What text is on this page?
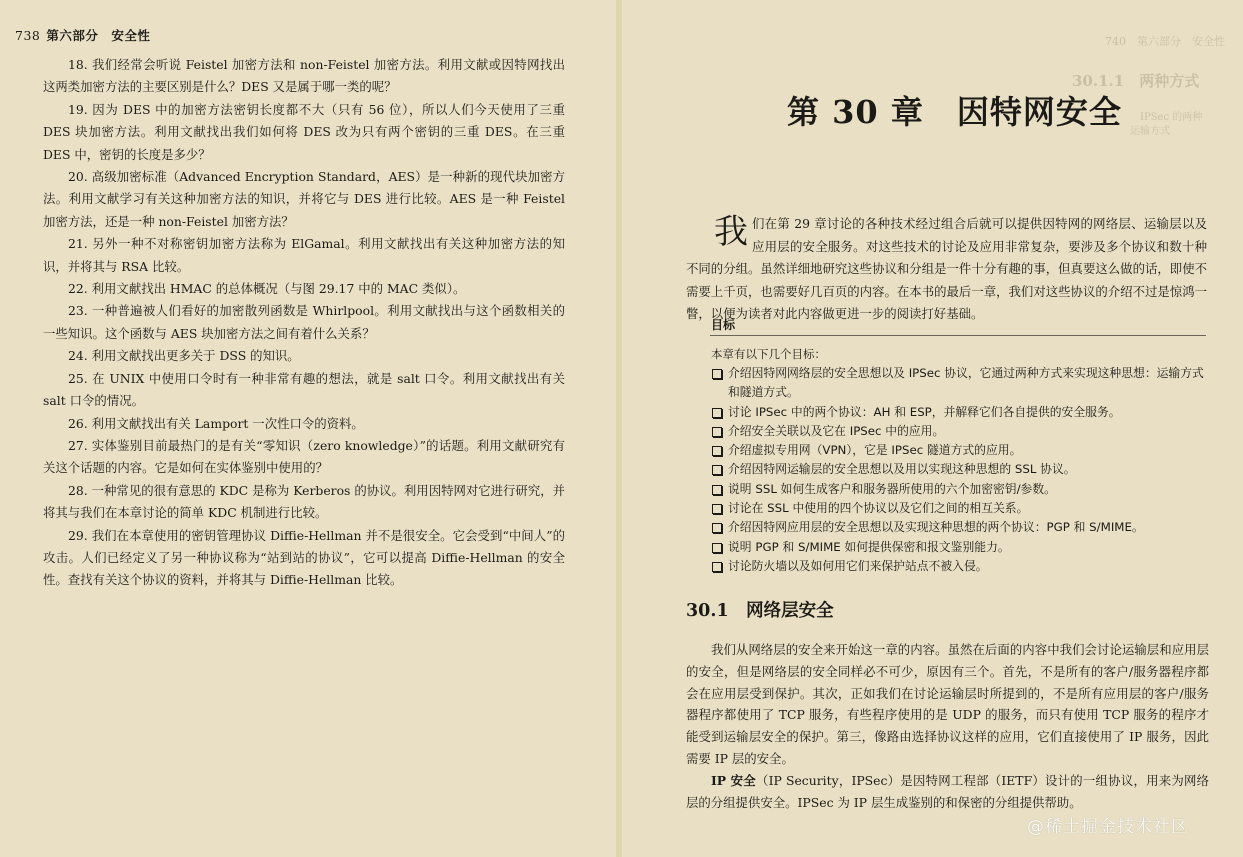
738 第六部分　安全性

18. 我们经常会听说 Feistel 加密方法和 non-Feistel 加密方法。利用文献或因特网找出这两类加密方法的主要区别是什么？DES 又是属于哪一类的呢？

19. 因为 DES 中的加密方法密钥长度都不大（只有 56 位），所以人们今天使用了三重 DES 块加密方法。利用文献找出我们如何将 DES 改为只有两个密钥的三重 DES。在三重 DES 中，密钥的长度是多少？

20. 高级加密标准（Advanced Encryption Standard，AES）是一种新的现代块加密方法。利用文献学习有关这种加密方法的知识，并将它与 DES 进行比较。AES 是一种 Feistel 加密方法，还是一种 non-Feistel 加密方法？

21. 另外一种不对称密钥加密方法称为 ElGamal。利用文献找出有关这种加密方法的知识，并将其与 RSA 比较。

22. 利用文献找出 HMAC 的总体概况（与图 29.17 中的 MAC 类似）。

23. 一种普遍被人们看好的加密散列函数是 Whirlpool。利用文献找出与这个函数相关的一些知识。这个函数与 AES 块加密方法之间有着什么关系？

24. 利用文献找出更多关于 DSS 的知识。

25. 在 UNIX 中使用口令时有一种非常有趣的想法，就是 salt 口令。利用文献找出有关 salt 口令的情况。

26. 利用文献找出有关 Lamport 一次性口令的资料。

27. 实体鉴别目前最热门的是有关“零知识（zero knowledge）”的话题。利用文献研究有关这个话题的内容。它是如何在实体鉴别中使用的？

28. 一种常见的很有意思的 KDC 是称为 Kerberos 的协议。利用因特网对它进行研究，并将其与我们在本章讨论的简单 KDC 机制进行比较。

29. 我们在本章使用的密钥管理协议 Diffie-Hellman 并不是很安全。它会受到“中间人”的攻击。人们已经定义了另一种协议称为“站到站的协议”，它可以提高 Diffie-Hellman 的安全性。查找有关这个协议的资料，并将其与 Diffie-Hellman 比较。

740　第六部分　安全性
30.1.1　两种方式
IPSec 的两种
运输方式
第 30 章　因特网安全
我们在第 29 章讨论的各种技术经过组合后就可以提供因特网的网络层、运输层以及应用层的安全服务。对这些技术的讨论及应用非常复杂，要涉及多个协议和数十种不同的分组。虽然详细地研究这些协议和分组是一件十分有趣的事，但真要这么做的话，即使不需要上千页，也需要好几百页的内容。在本书的最后一章，我们对这些协议的介绍不过是惊鸿一瞥，以便为读者对此内容做更进一步的阅读打好基础。
目标
本章有以下几个目标：
介绍因特网网络层的安全思想以及 IPSec 协议，它通过两种方式来实现这种思想：运输方式和隧道方式。
讨论 IPSec 中的两个协议：AH 和 ESP，并解释它们各自提供的安全服务。
介绍安全关联以及它在 IPSec 中的应用。
介绍虚拟专用网（VPN），它是 IPSec 隧道方式的应用。
介绍因特网运输层的安全思想以及用以实现这种思想的 SSL 协议。
说明 SSL 如何生成客户和服务器所使用的六个加密密钥/参数。
讨论在 SSL 中使用的四个协议以及它们之间的相互关系。
介绍因特网应用层的安全思想以及实现这种思想的两个协议：PGP 和 S/MIME。
说明 PGP 和 S/MIME 如何提供保密和报文鉴别能力。
讨论防火墙以及如何用它们来保护站点不被入侵。
30.1　网络层安全

我们从网络层的安全来开始这一章的内容。虽然在后面的内容中我们会讨论运输层和应用层的安全，但是网络层的安全同样必不可少，原因有三个。首先，不是所有的客户/服务器程序都会在应用层受到保护。其次，正如我们在讨论运输层时所提到的，不是所有应用层的客户/服务器程序都使用了 TCP 服务，有些程序使用的是 UDP 的服务，而只有使用 TCP 服务的程序才能受到运输层安全的保护。第三，像路由选择协议这样的应用，它们直接使用了 IP 服务，因此需要 IP 层的安全。

IP 安全（IP Security，IPSec）是因特网工程部（IETF）设计的一组协议，用来为网络层的分组提供安全。IPSec 为 IP 层生成鉴别的和保密的分组提供帮助。

@稀土掘金技术社区
